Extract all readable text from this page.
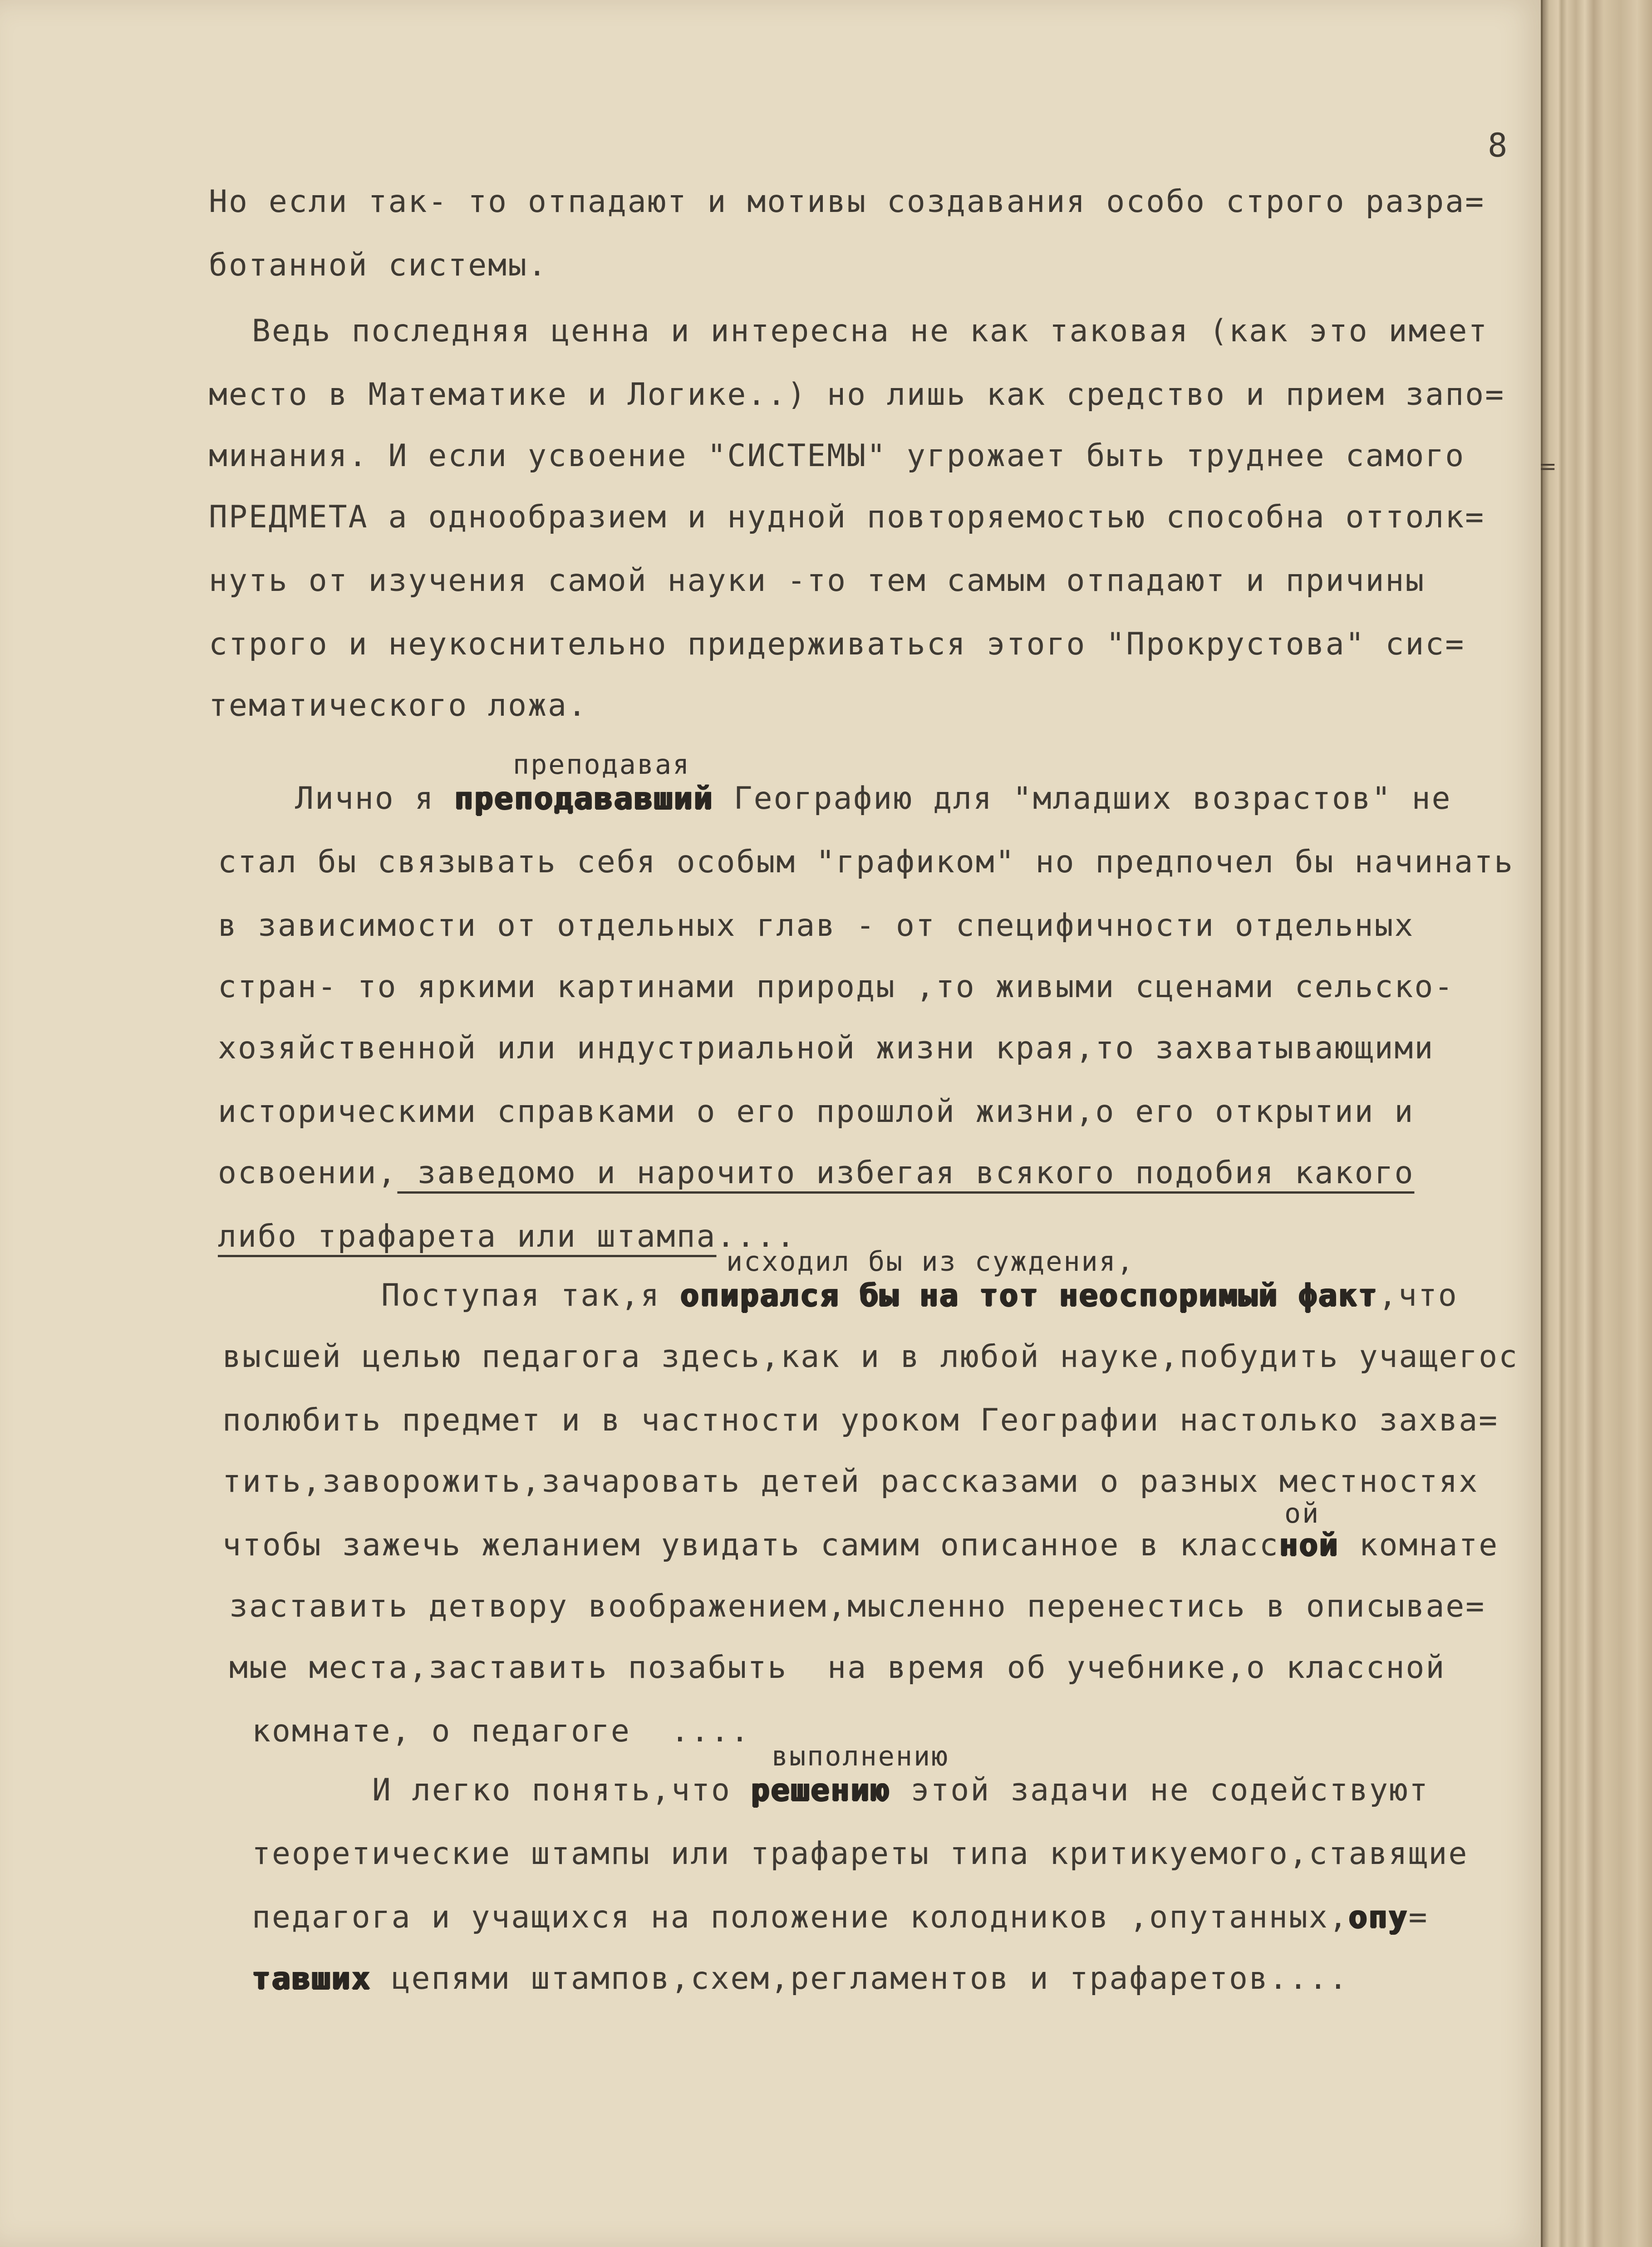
8
Но если так- то отпадают и мотивы создавания особо строго разра=
ботанной системы.
Ведь последняя ценна и интересна не как таковая (как это имеет
место в Математике и Логике..) но лишь как средство и прием запо=
минания. И если усвоение "СИСТЕМЫ" угрожает быть труднее самого
ПРЕДМЕТА а однообразием и нудной повторяемостью способна оттолк=
нуть от изучения самой науки -то тем самым отпадают и причины
строго и неукоснительно придерживаться этого "Прокрустова" сис=
тематического ложа.
преподавая
Лично я преподававший Географию для "младших возрастов" не
стал бы связывать себя особым "графиком" но предпочел бы начинать
в зависимости от отдельных глав - от специфичности отдельных
стран- то яркими картинами природы ,то живыми сценами сельско-
хозяйственной или индустриальной жизни края,то захватывающими
историческими справками о его прошлой жизни,о его открытии и
освоении, заведомо и нарочито избегая всякого подобия какого
либо трафарета или штампа....
исходил бы из суждения,
Поступая так,я опирался бы на тот неоспоримый факт,что
высшей целью педагога здесь,как и в любой науке,побудить учащегос
полюбить предмет и в частности уроком Географии настолько захва=
тить,заворожить,зачаровать детей рассказами о разных местностях
чтобы зажечь желанием увидать самим описанное в классной комнате
ой
заставить детвору воображением,мысленно перенестись в описывае=
мые места,заставить позабыть  на время об учебнике,о классной
комнате, о педагоге  ....
выполнению
И легко понять,что решению этой задачи не содействуют
теоретические штампы или трафареты типа критикуемого,ставящие
педагога и учащихся на положение колодников ,опутанных,опу=
тавших цепями штампов,схем,регламентов и трафаретов....
=
